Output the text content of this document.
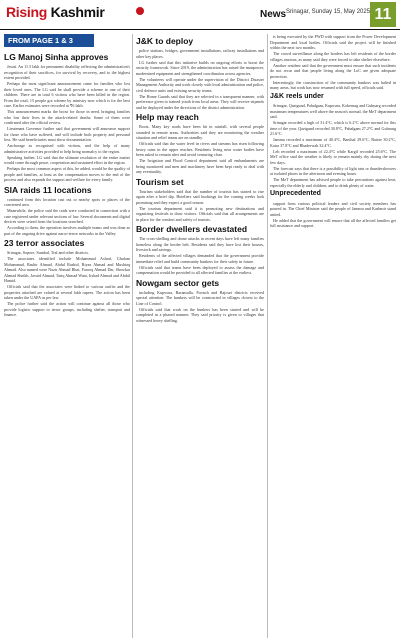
Rising Kashmir	News Srinagar, Sunday 15, May 2025 11
FROM PAGE 1 & 3
LG Manoj Sinha approves

Jesati. An 11.5 lakh for permanent disability reflecting the administration's recognition of their sacrifices, for survival by recovery, and to the highest extent provided.

Perhaps the most significant announcement came for families who lost their loved ones. The LG said he shall provide a scheme to one of their children. There are in total 6 victims who have been killed in the region. From the total, 15 people got scheme by ministry now which is for the best case. Earlier estimates were recorded at ₹6 lakh.

This announcement marks the boost for those in need, bringing families who lost their lives in the attack-related deaths. Some of them were confirmed after the official review.

Lieutenant Governor further said that government will announce support for those who have suffered, and will include both property and personal loss. He said beneficiaries must show documentation.

Anchorage as recognised with victims, and the help of many administrative activities provided to help bring normalcy to the region.

Speaking further, LG said that the ultimate resolution of the entire matter would come through peace, cooperation and sustained effort in the region.

Perhaps the most common aspect of this, he added, would be the quality of people and families, at least as the compensation moves to the end of the process and also expands the support and welfare for every family.

SIA raids 11 locations

continued from this location cast out to nearby spots or places of the concerned area.

Meanwhile, the police said the raids were conducted in connection with a case registered under relevant sections of law. Several documents and digital devices were seized from the locations searched.

According to them, the operation involves multiple teams and was done as part of the ongoing drive against narco-terror networks in the Valley.

23 terror associates

Srinagar, Sopore, Sumbal, Tral and other districts.

The associates identified include Mohammad Ashraf, Ghulam Mohammad, Bashir Ahmad, Abdul Rashid, Riyaz Ahmad and Mushtaq Ahmad. Also named were Nazir Ahmad Bhat, Farooq Ahmad Dar, Showkat Ahmad Sheikh, Javaid Ahmad, Tariq Ahmad Wani, Irshad Ahmad and Abdul Hamid.

Officials said that the associates were linked to various outfits and the properties attached are valued at several lakh rupees. The action has been taken under the UAPA as per law.

The police further said the action will continue against all those who provide logistic support to terror groups, including shelter, transport and finance.

J&K to deploy

police stations, bridges, government installations, railway installations and other key places.

LG further said that this initiative builds on ongoing efforts to boost the security framework. Since 2019, the administration has raised the manpower, modernised equipment and strengthened coordination across agencies.

The volunteers will operate under the supervision of the District Disaster Management Authority and work closely with local administration and police, civil defence units and existing security teams.

The Home Guards said that they are selected in a transparent manner, with preference given to trained youth from local areas. They will receive stipends and be deployed under the directions of the district administration.

Help may reach

Boost. Many key roads have been hit in rainfall, with several people stranded in remote areas. Authorities said they are monitoring the weather situation and relief teams are on standby.

Officials said that the water level in rivers and streams has risen following heavy rains in the upper reaches. Residents living near water bodies have been asked to remain alert and avoid venturing close.

The Irrigation and Flood Control department said all embankments are being monitored and men and machinery have been kept ready to deal with any eventuality.

Tourism set

Tourism stakeholders said that the number of tourists has started to rise again after a brief dip. Hoteliers said bookings for the coming weeks look promising and they expect a good season.

The tourism department said it is promoting new destinations and organizing festivals to draw visitors. Officials said that all arrangements are in place for the comfort and safety of tourists.

Border dwellers devastated

The cross-shelling and drone attacks in recent days have left many families homeless along the border belt. Residents said they have lost their houses, livestock and savings.

Residents of the affected villages demanded that the government provide immediate relief and build community bunkers for their safety in future.

Officials said that teams have been deployed to assess the damage and compensation would be provided to all affected families at the earliest.

Nowgam sector gets

including Kupwara, Baramulla, Poonch and Rajouri districts received special attention. The bunkers will be constructed in villages closest to the Line of Control.

Officials said that work on the bunkers has been started and will be completed in a phased manner. They said priority is given to villages that witnessed heavy shelling.

is being executed by the PWD with support from the Power Development Department and local bodies. Officials said the project will be finished within the next two months.

The crowd surveillance along the borders has left residents of the border villages anxious, as many said they were forced to take shelter elsewhere.

Another resident said that the government must ensure that such incidents do not recur and that people living along the LoC are given adequate protection.

Interestingly, the construction of the community bunkers was halted in many areas, but work has now resumed with full speed, officials said.

J&K reels under

Srinagar, Qazigund, Pahalgam, Kupwara, Kokernag and Gulmarg recorded maximum temperatures well above the season's normal, the MeT department said.

Srinagar recorded a high of 31.4°C, which is 6.2°C above normal for this time of the year. Qazigund recorded 30.8°C, Pahalgam 27.2°C and Gulmarg 21.6°C.

Jammu recorded a maximum of 40.4°C, Banihal 29.6°C, Batote 30.2°C, Katra 37.8°C and Bhaderwah 32.4°C.

Leh recorded a maximum of 22.4°C while Kargil recorded 25.6°C. The MeT office said the weather is likely to remain mainly dry during the next few days.

The forecast says that there is a possibility of light rain or thundershowers at isolated places in the afternoon and evening hours.

The MeT department has advised people to take precautions against heat, especially the elderly and children, and to drink plenty of water.

Unprecedented

support from various political leaders and civil society members has poured in. The Chief Minister said the people of Jammu and Kashmir stand united.

He added that the government will ensure that all the affected families get full assistance and support.
